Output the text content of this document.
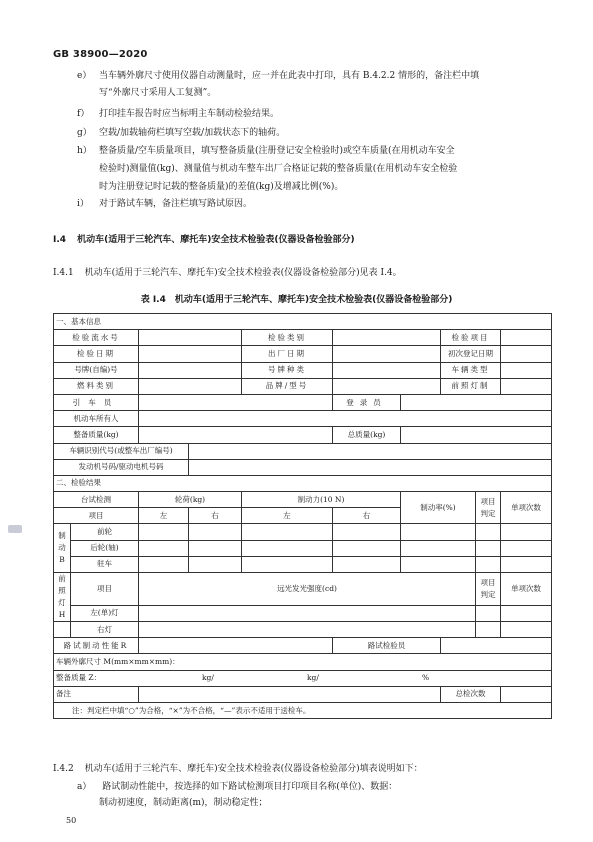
GB 38900—2020
e） 当车辆外廓尺寸使用仪器自动测量时，应一并在此表中打印，具有 B.4.2.2 情形的，备注栏中填
写“外廓尺寸采用人工复测”。
f） 打印挂车报告时应当标明主车制动检验结果。
g） 空载/加载轴荷栏填写空载/加载状态下的轴荷。
h） 整备质量/空车质量项目，填写整备质量(注册登记安全检验时)或空车质量(在用机动车安全
检验时)测量值(kg)、测量值与机动车整车出厂合格证记载的整备质量(在用机动车安全检验
时为注册登记时记载的整备质量)的差值(kg)及增减比例(%)。
i） 对于路试车辆，备注栏填写路试原因。
I.4 机动车(适用于三轮汽车、摩托车)安全技术检验表(仪器设备检验部分)
I.4.1 机动车(适用于三轮汽车、摩托车)安全技术检验表(仪器设备检验部分)见表 I.4。
表 I.4　机动车(适用于三轮汽车、摩托车)安全技术检验表(仪器设备检验部分)
一、基本信息									
检验流水号				检验类别			检验项目		
检验日期				出厂日期			初次登记日期		
号牌(自编)号				号牌种类			车辆类型		
燃料类别				品牌/型号			前照灯制		
引车员					登录员				
机动车所有人									
整备质量(kg)					总质量(kg)				
车辆识别代号(或整车出厂编号)									
发动机号码/驱动电机号码									
二、检验结果									
台试检测		轮荷(kg)		制动力(10 N)		制动率(%)		项目判定	单项次数
项目		左	右	左	右				
制动B	前轮								
	后轮(轴)								
	驻车								
前照灯H	项目	远光发光强度(cd)						项目判定	单项次数

	左(单)灯								
	右灯								
路试制动性能R					路试检验员				
车辆外廓尺寸 M(mm×mm×mm)：									
整备质量 Z： kg/ kg/ %									

备注							总检次数		
注：判定栏中填“○”为合格，“×”为不合格，“—”表示不适用于送检车。									
I.4.2 机动车(适用于三轮汽车、摩托车)安全技术检验表(仪器设备检验部分)填表说明如下：
a） 路试制动性能中，按选择的如下路试检测项目打印项目名称(单位)、数据：
制动初速度，制动距离(m)，制动稳定性；
50
